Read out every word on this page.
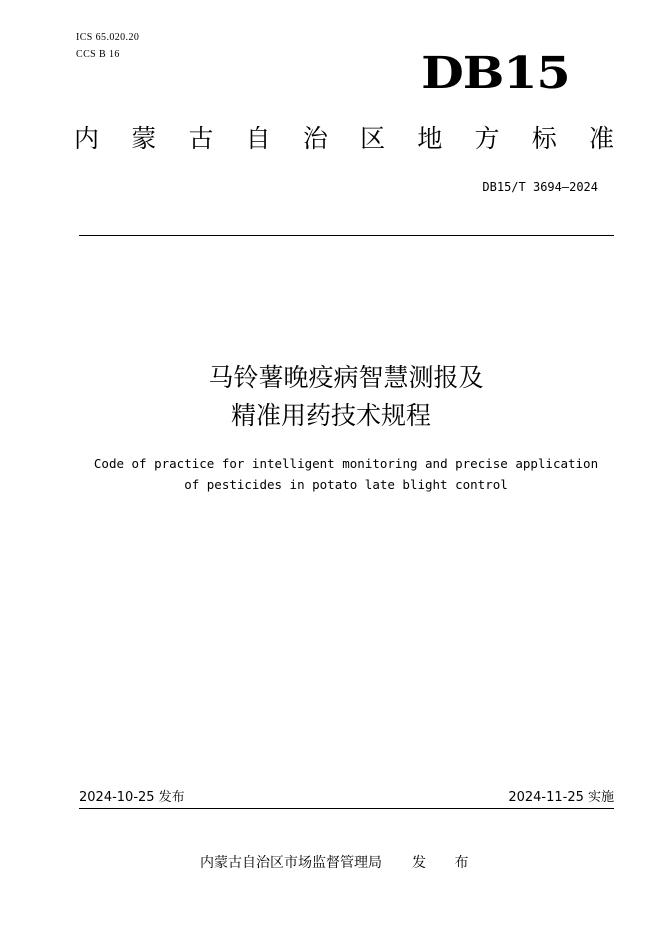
ICS 65.020.20
CCS B 16	DB15
内 蒙 古 自 治 区 地 方 标 准
DB15/T 3694—2024
马铃薯晚疫病智慧测报及
精准用药技术规程
Code of practice for intelligent monitoring and precise application
of pesticides in potato late blight control
2024-10-25 发布	2024-11-25 实施
内蒙古自治区市场监督管理局 发 布
